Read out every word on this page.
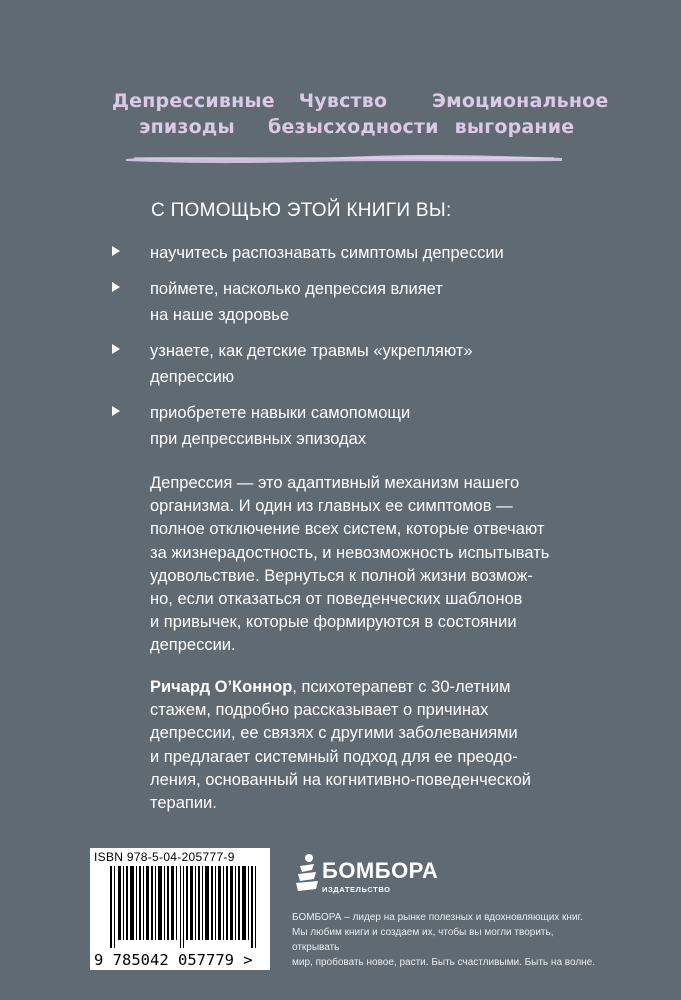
Депрессивные
эпизоды
Чувство
безысходности
Эмоциональное
выгорание
С ПОМОЩЬЮ ЭТОЙ КНИГИ ВЫ:
научитесь распознавать симптомы депрессии
поймете, насколько депрессия влияет
на наше здоровье
узнаете, как детские травмы «укрепляют»
депрессию
приобретете навыки самопомощи
при депрессивных эпизодах

Депрессия — это адаптивный механизм нашего
организма. И один из главных ее симптомов —
полное отключение всех систем, которые отвечают
за жизнерадостность, и невозможность испытывать
удовольствие. Вернуться к полной жизни возмож-
но, если отказаться от поведенческих шаблонов
и привычек, которые формируются в состоянии
депрессии.

Ричард О’Коннор, психотерапевт с 30-летним
стажем, подробно рассказывает о причинах
депрессии, ее связях с другими заболеваниями
и предлагает системный подход для ее преодо-
ления, основанный на когнитивно-поведенческой
терапии.

ISBN 978-5-04-205777-9
9 785042 057779 >
БОМБОРА
ИЗДАТЕЛЬСТВО
БОМБОРА – лидер на рынке полезных и вдохновляющих книг.
Мы любим книги и создаем их, чтобы вы могли творить, открывать
мир, пробовать новое, расти. Быть счастливыми. Быть на волне.
